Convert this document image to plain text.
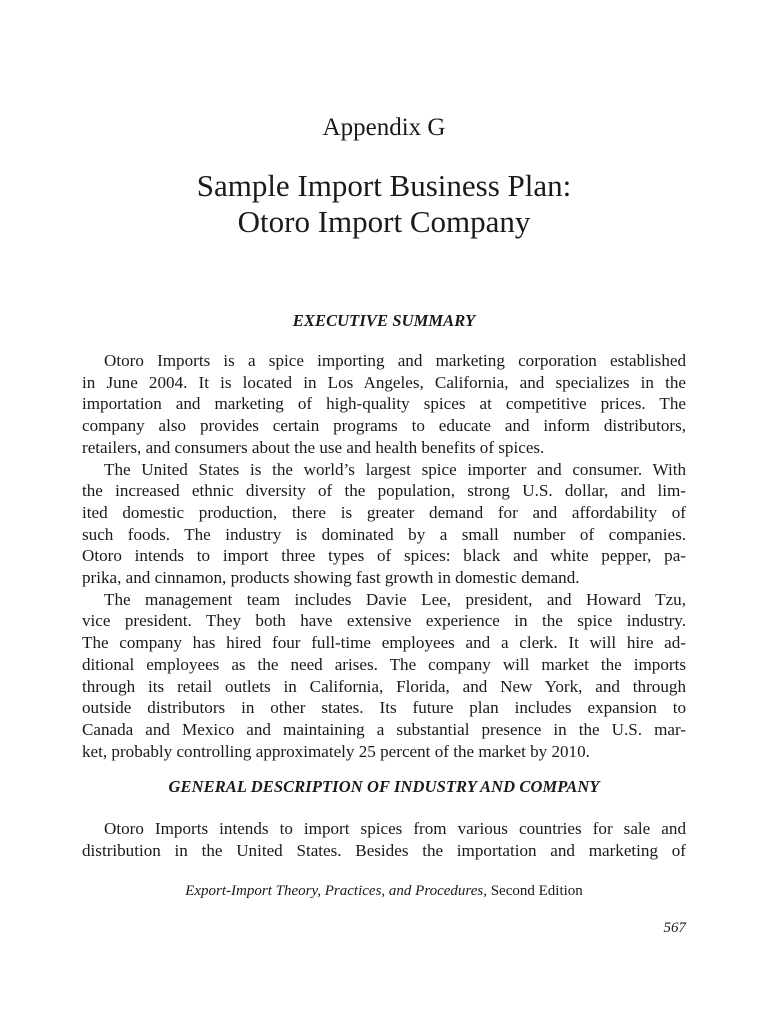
Appendix G
Sample Import Business Plan:
Otoro Import Company
EXECUTIVE SUMMARY
Otoro Imports is a spice importing and marketing corporation established
in June 2004. It is located in Los Angeles, California, and specializes in the
importation and marketing of high-quality spices at competitive prices. The
company also provides certain programs to educate and inform distributors,
retailers, and consumers about the use and health benefits of spices.
The United States is the world’s largest spice importer and consumer. With
the increased ethnic diversity of the population, strong U.S. dollar, and lim-
ited domestic production, there is greater demand for and affordability of
such foods. The industry is dominated by a small number of companies.
Otoro intends to import three types of spices: black and white pepper, pa-
prika, and cinnamon, products showing fast growth in domestic demand.
The management team includes Davie Lee, president, and Howard Tzu,
vice president. They both have extensive experience in the spice industry.
The company has hired four full-time employees and a clerk. It will hire ad-
ditional employees as the need arises. The company will market the imports
through its retail outlets in California, Florida, and New York, and through
outside distributors in other states. Its future plan includes expansion to
Canada and Mexico and maintaining a substantial presence in the U.S. mar-
ket, probably controlling approximately 25 percent of the market by 2010.
GENERAL DESCRIPTION OF INDUSTRY AND COMPANY
Otoro Imports intends to import spices from various countries for sale and
distribution in the United States. Besides the importation and marketing of
Export-Import Theory, Practices, and Procedures, Second Edition
567
